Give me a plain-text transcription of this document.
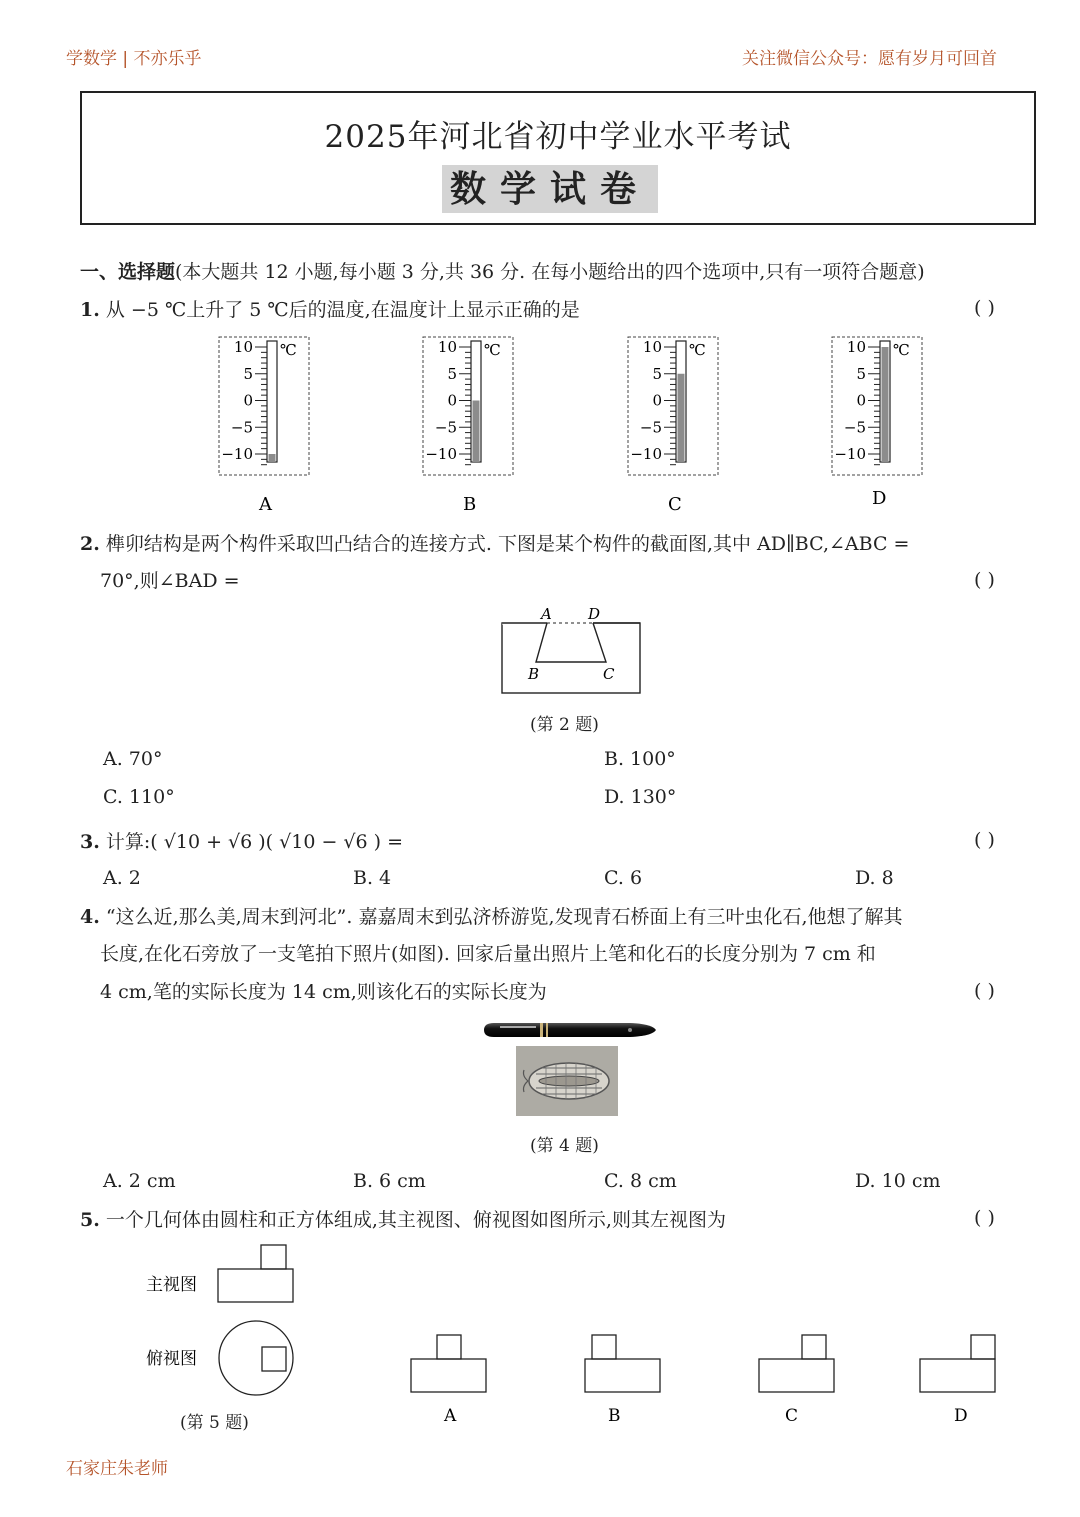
学数学 | 不亦乐乎	关注微信公众号：愿有岁月可回首
2025年河北省初中学业水平考试
数学试卷
一、选择题(本大题共 12 小题,每小题 3 分,共 36 分. 在每小题给出的四个选项中,只有一项符合题意)
1. 从 −5 ℃上升了 5 ℃后的温度,在温度计上显示正确的是	( )
10
5
0
−5
−10
℃
A
10
5
0
−5
−10
℃
B
10
5
0
−5
−10
℃
C
10
5
0
−5
−10
℃
D
2. 榫卯结构是两个构件采取凹凸结合的连接方式. 下图是某个构件的截面图,其中 AD∥BC,∠ABC =
70°,则∠BAD =	( )
A D
B	C
(第 2 题)
A. 70°	B. 100°
C. 110°	D. 130°
3. 计算:( √10 + √6 )( √10 − √6 ) =	( )
A. 2	B. 4	C. 6	D. 8
4. “这么近,那么美,周末到河北”. 嘉嘉周末到弘济桥游览,发现青石桥面上有三叶虫化石,他想了解其
长度,在化石旁放了一支笔拍下照片(如图). 回家后量出照片上笔和化石的长度分别为 7 cm 和
4 cm,笔的实际长度为 14 cm,则该化石的实际长度为	( )
(第 4 题)
A. 2 cm	B. 6 cm	C. 8 cm	D. 10 cm
5. 一个几何体由圆柱和正方体组成,其主视图、俯视图如图所示,则其左视图为	( )
主视图
俯视图
A	B	C	D
(第 5 题)
石家庄朱老师
